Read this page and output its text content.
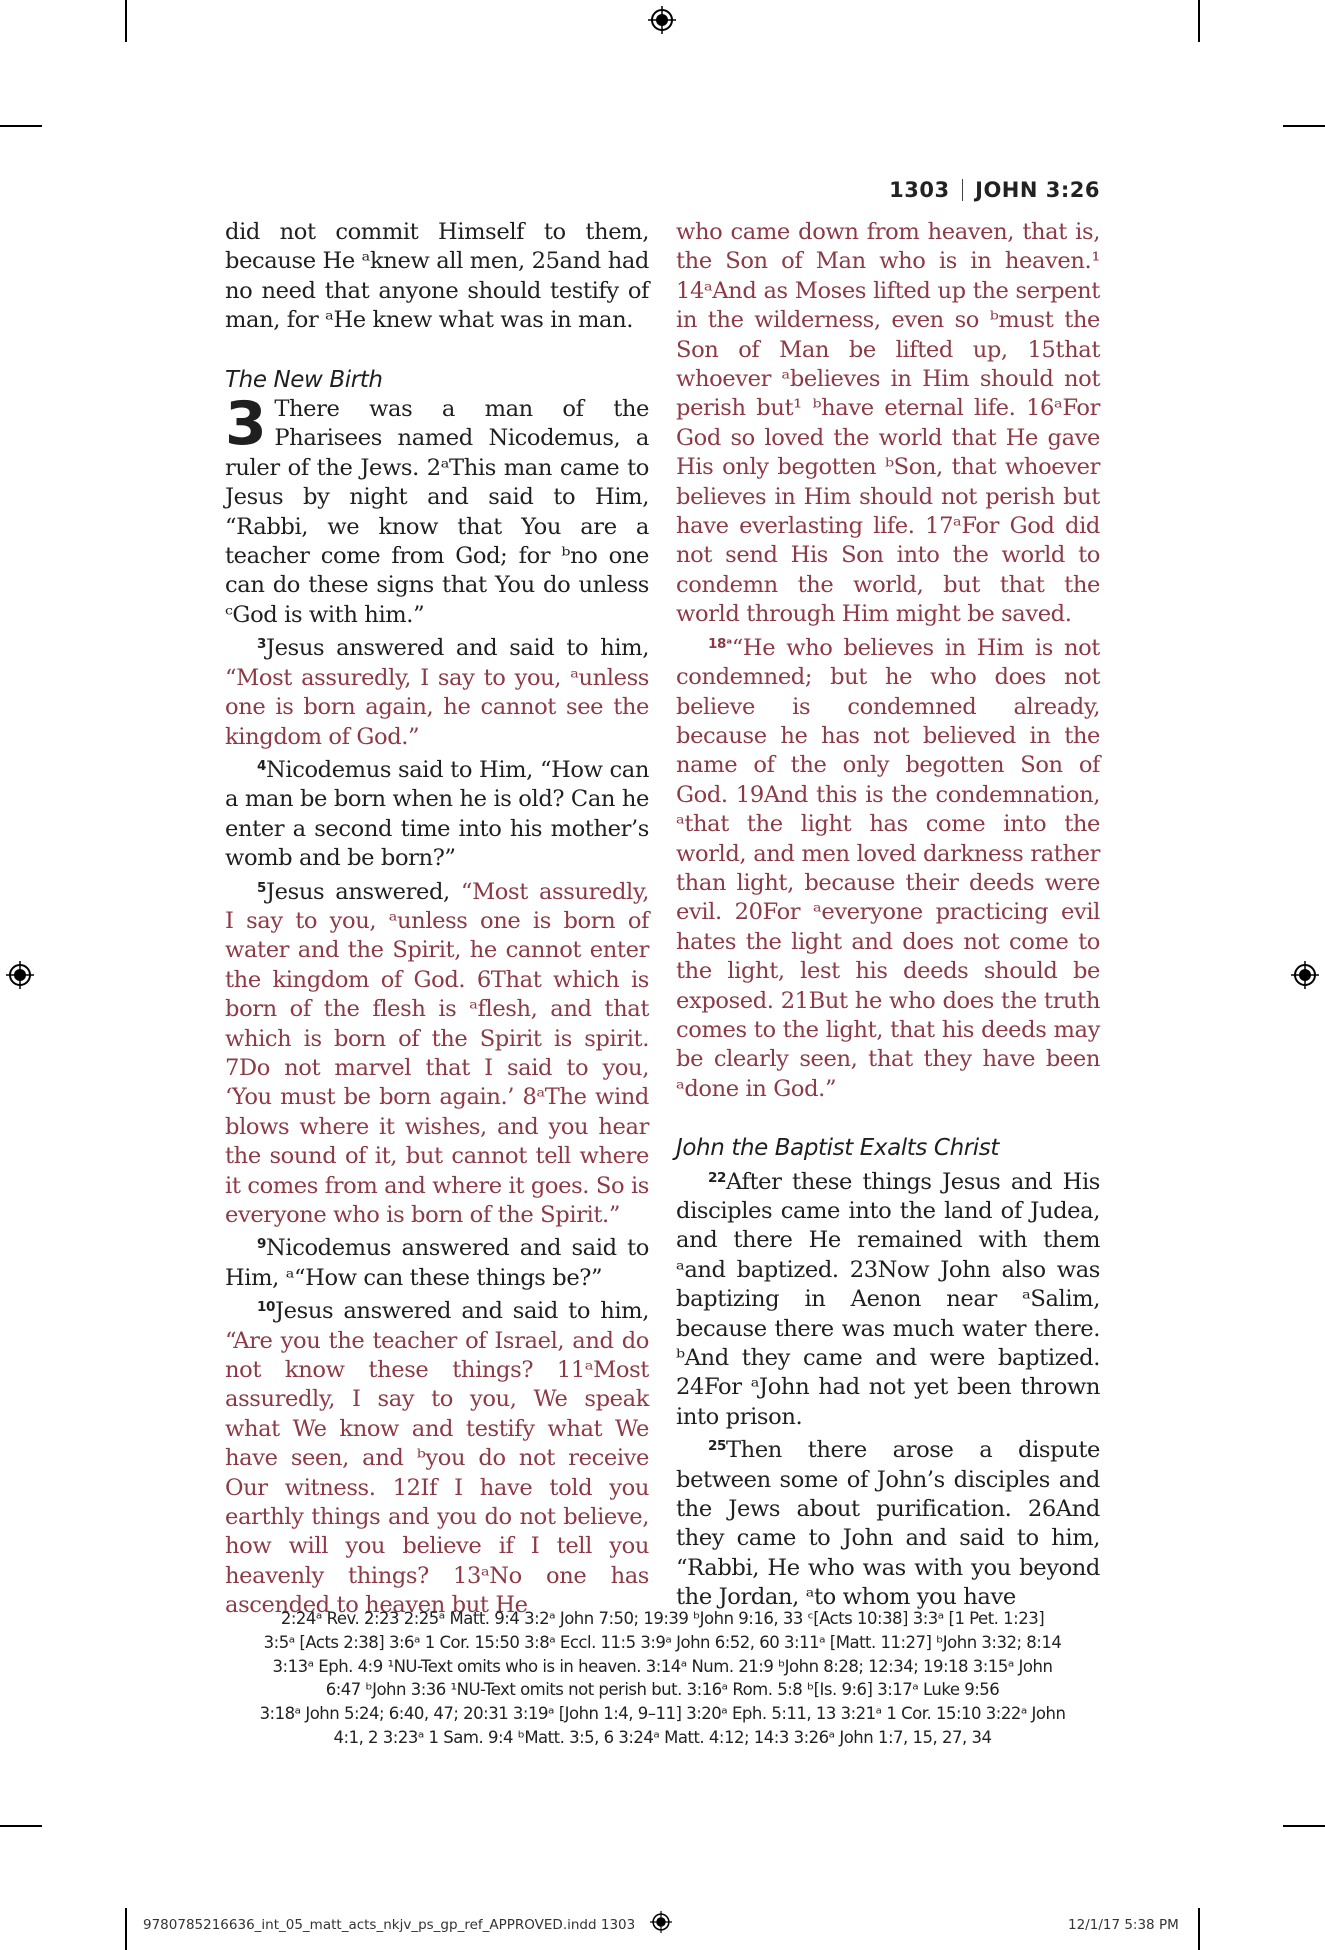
1303 JOHN 3:26

did not commit Himself to them, because He ᵃknew all men, 25and had no need that anyone should testify of man, for ᵃHe knew what was in man.

The New Birth

3 There was a man of the Pharisees named Nicodemus, a ruler of the Jews. 2ᵃThis man came to Jesus by night and said to Him, “Rabbi, we know that You are a teacher come from God; for ᵇno one can do these signs that You do unless ᶜGod is with him.”

$^3$Jesus answered and said to him, “Most assuredly, I say to you, ᵃunless one is born again, he cannot see the kingdom of God.”

$^4$Nicodemus said to Him, “How can a man be born when he is old? Can he enter a second time into his mother’s womb and be born?”

$^5$Jesus answered, “Most assuredly, I say to you, ᵃunless one is born of water and the Spirit, he cannot enter the kingdom of God. 6That which is born of the flesh is ᵃflesh, and that which is born of the Spirit is spirit. 7Do not marvel that I said to you, ‘You must be born again.’ 8ᵃThe wind blows where it wishes, and you hear the sound of it, but cannot tell where it comes from and where it goes. So is everyone who is born of the Spirit.”

$^9$Nicodemus answered and said to Him, ᵃ“How can these things be?”

$^{10}$Jesus answered and said to him, “Are you the teacher of Israel, and do not know these things? 11ᵃMost assuredly, I say to you, We speak what We know and testify what We have seen, and ᵇyou do not receive Our witness. 12If I have told you earthly things and you do not believe, how will you believe if I tell you heavenly things? 13ᵃNo one has ascended to heaven but He

who came down from heaven, that is, the Son of Man who is in heaven.¹ 14ᵃAnd as Moses lifted up the serpent in the wilderness, even so ᵇmust the Son of Man be lifted up, 15that whoever ᵃbelieves in Him should not perish but¹ ᵇhave eternal life. 16ᵃFor God so loved the world that He gave His only begotten ᵇSon, that whoever believes in Him should not perish but have everlasting life. 17ᵃFor God did not send His Son into the world to condemn the world, but that the world through Him might be saved.

$^{18ᵃ}$“He who believes in Him is not condemned; but he who does not believe is condemned already, because he has not believed in the name of the only begotten Son of God. 19And this is the condemnation, ᵃthat the light has come into the world, and men loved darkness rather than light, because their deeds were evil. 20For ᵃeveryone practicing evil hates the light and does not come to the light, lest his deeds should be exposed. 21But he who does the truth comes to the light, that his deeds may be clearly seen, that they have been ᵃdone in God.”

John the Baptist Exalts Christ

$^{22}$After these things Jesus and His disciples came into the land of Judea, and there He remained with them ᵃand baptized. 23Now John also was baptizing in Aenon near ᵃSalim, because there was much water there. ᵇAnd they came and were baptized. 24For ᵃJohn had not yet been thrown into prison.

$^{25}$Then there arose a dispute between some of John’s disciples and the Jews about purification. 26And they came to John and said to him, “Rabbi, He who was with you beyond the Jordan, ᵃto whom you have

2:24ᵃ Rev. 2:23 2:25ᵃ Matt. 9:4 3:2ᵃ John 7:50; 19:39 ᵇJohn 9:16, 33 ᶜ[Acts 10:38] 3:3ᵃ [1 Pet. 1:23]
3:5ᵃ [Acts 2:38] 3:6ᵃ 1 Cor. 15:50 3:8ᵃ Eccl. 11:5 3:9ᵃ John 6:52, 60 3:11ᵃ [Matt. 11:27] ᵇJohn 3:32; 8:14
3:13ᵃ Eph. 4:9 ¹NU-Text omits who is in heaven. 3:14ᵃ Num. 21:9 ᵇJohn 8:28; 12:34; 19:18 3:15ᵃ John
6:47 ᵇJohn 3:36 ¹NU-Text omits not perish but. 3:16ᵃ Rom. 5:8 ᵇ[Is. 9:6] 3:17ᵃ Luke 9:56
3:18ᵃ John 5:24; 6:40, 47; 20:31 3:19ᵃ [John 1:4, 9–11] 3:20ᵃ Eph. 5:11, 13 3:21ᵃ 1 Cor. 15:10 3:22ᵃ John
4:1, 2 3:23ᵃ 1 Sam. 9:4 ᵇMatt. 3:5, 6 3:24ᵃ Matt. 4:12; 14:3 3:26ᵃ John 1:7, 15, 27, 34
9780785216636_int_05_matt_acts_nkjv_ps_gp_ref_APPROVED.indd 1303	12/1/17 5:38 PM
